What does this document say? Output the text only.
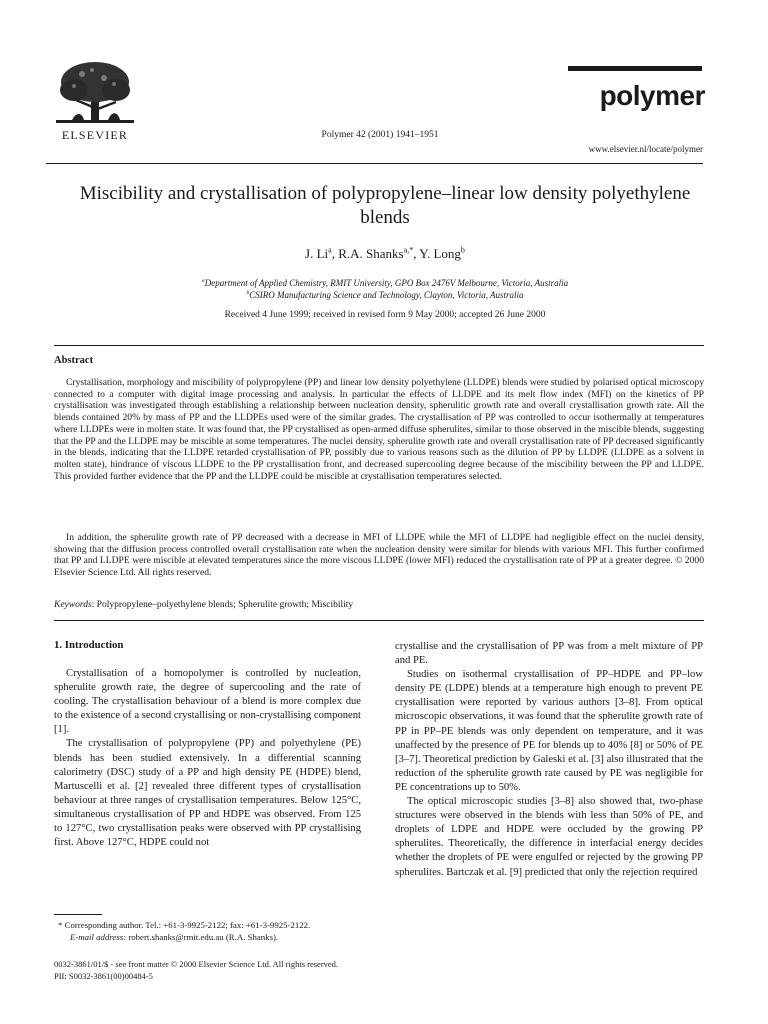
ELSEVIER	Polymer 42 (2001) 1941–1951
polymer
www.elsevier.nl/locate/polymer
Miscibility and crystallisation of polypropylene–linear low density polyethylene blends
J. Li$^a$, R.A. Shanks$^{a,*}$, Y. Long$^b$
$^a$Department of Applied Chemistry, RMIT University, GPO Box 2476V Melbourne, Victoria, Australia
$^b$CSIRO Manufacturing Science and Technology, Clayton, Victoria, Australia
Received 4 June 1999; received in revised form 9 May 2000; accepted 26 June 2000
Abstract
Crystallisation, morphology and miscibility of polypropylene (PP) and linear low density polyethylene (LLDPE) blends were studied by polarised optical microscopy connected to a computer with digital image processing and analysis. In particular the effects of LLDPE and its melt flow index (MFI) on the kinetics of PP crystallisation was investigated through establishing a relationship between nucleation density, spherulitic growth rate and overall crystallisation growth rate. All the blends contained 20% by mass of PP and the LLDPEs used were of the similar grades. The crystallisation of PP was controlled to occur isothermally at temperatures where LLDPEs were in molten state. It was found that, the PP crystallised as open-armed diffuse spherulites, similar to those observed in the miscible blends, suggesting that the PP and the LLDPE may be miscible at some temperatures. The nuclei density, spherulite growth rate and overall crystallisation rate of PP decreased significantly in the blends, indicating that the LLDPE retarded crystallisation of PP, possibly due to various reasons such as the dilution of PP by LLDPE (LLDPE as a solvent in molten state), hindrance of viscous LLDPE to the PP crystallisation front, and decreased supercooling degree because of the miscibility between the PP and LLDPE. This provided further evidence that the PP and the LLDPE could be miscible at crystallisation temperatures selected.
In addition, the spherulite growth rate of PP decreased with a decrease in MFI of LLDPE while the MFI of LLDPE had negligible effect on the nuclei density, showing that the diffusion process controlled overall crystallisation rate when the nucleation density were similar for blends with various MFI. This further confirmed that PP and LLDPE were miscible at elevated temperatures since the more viscous LLDPE (lower MFI) reduced the crystallisation rate of PP at a greater degree. © 2000 Elsevier Science Ltd. All rights reserved.
Keywords: Polypropylene–polyethylene blends; Spherulite growth; Miscibility
1. Introduction

Crystallisation of a homopolymer is controlled by nucleation, spherulite growth rate, the degree of supercooling and the rate of cooling. The crystallisation behaviour of a blend is more complex due to the existence of a second crystallising or non-crystallising component [1].

The crystallisation of polypropylene (PP) and polyethylene (PE) blends has been studied extensively. In a differential scanning calorimetry (DSC) study of a PP and high density PE (HDPE) blend, Martuscelli et al. [2] revealed three different types of crystallisation behaviour at three ranges of crystallisation temperatures. Below 125°C, simultaneous crystallisation of PP and HDPE was observed. From 125 to 127°C, two crystallisation peaks were observed with PP crystallising first. Above 127°C, HDPE could not

crystallise and the crystallisation of PP was from a melt mixture of PP and PE.

Studies on isothermal crystallisation of PP–HDPE and PP–low density PE (LDPE) blends at a temperature high enough to prevent PE crystallisation were reported by various authors [3–8]. From optical microscopic observations, it was found that the spherulite growth rate of PP in PP–PE blends was only dependent on temperature, and it was unaffected by the presence of PE for blends up to 40% [8] or 50% of PE [3–7]. Theoretical prediction by Galeski et al. [3] also illustrated that the reduction of the spherulite growth rate caused by PE was negligible for PE concentrations up to 50%.

The optical microscopic studies [3–8] also showed that, two-phase structures were observed in the blends with less than 50% of PE, and droplets of LDPE and HDPE were occluded by the growing PP spherulites. Theoretically, the difference in interfacial energy decides whether the droplets of PE were engulfed or rejected by the growing PP spherulites. Bartczak et al. [9] predicted that only the rejection required

* Corresponding author. Tel.: +61-3-9925-2122; fax: +61-3-9925-2122.
E-mail address: robert.shanks@rmit.edu.au (R.A. Shanks).
0032-3861/01/$ - see front matter © 2000 Elsevier Science Ltd. All rights reserved.
PII: S0032-3861(00)00484-5
